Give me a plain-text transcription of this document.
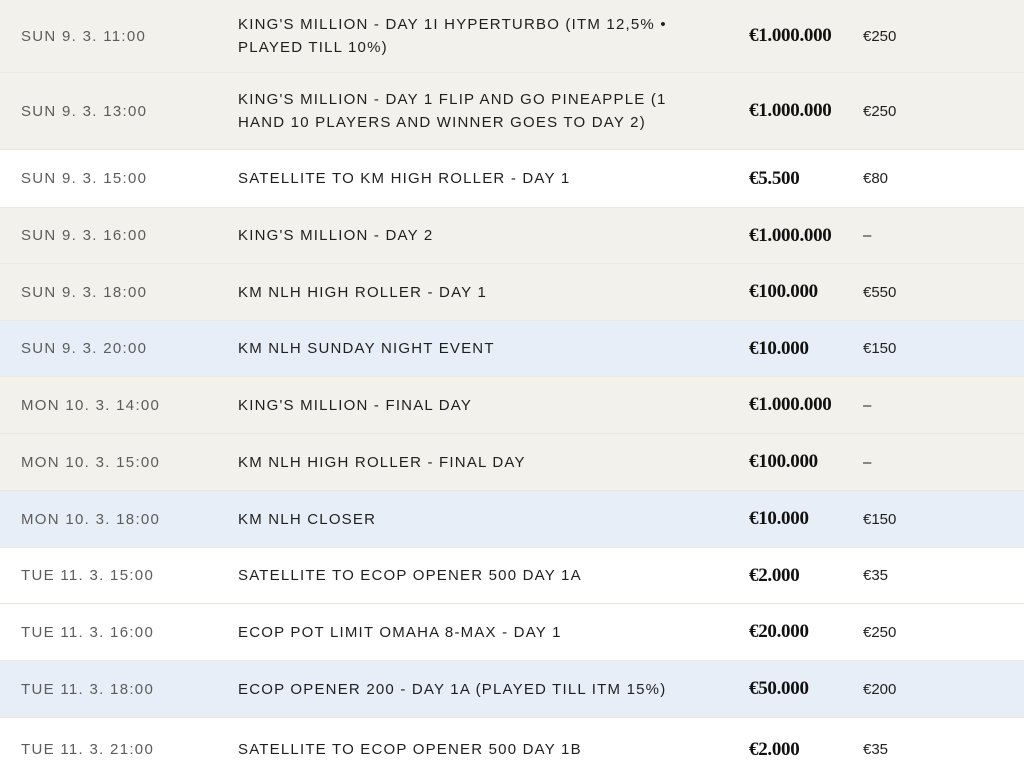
SUN 9. 3. 11:00
KING'S MILLION - DAY 1I HYPERTURBO (ITM 12,5% • PLAYED TILL 10%)
€1.000.000 €250
SUN 9. 3. 13:00
KING'S MILLION - DAY 1 FLIP AND GO PINEAPPLE (1 HAND 10 PLAYERS AND WINNER GOES TO DAY 2)
€1.000.000 €250
SUN 9. 3. 15:00	SATELLITE TO KM HIGH ROLLER - DAY 1	€5.500	€80
SUN 9. 3. 16:00	KING'S MILLION - DAY 2	€1.000.000 –
SUN 9. 3. 18:00	KM NLH HIGH ROLLER - DAY 1	€100.000	€550
SUN 9. 3. 20:00	KM NLH SUNDAY NIGHT EVENT	€10.000	€150
MON 10. 3. 14:00	KING'S MILLION - FINAL DAY	€1.000.000 –
MON 10. 3. 15:00	KM NLH HIGH ROLLER - FINAL DAY	€100.000	–
MON 10. 3. 18:00	KM NLH CLOSER	€10.000	€150
TUE 11. 3. 15:00	SATELLITE TO ECOP OPENER 500 DAY 1A	€2.000	€35
TUE 11. 3. 16:00	ECOP POT LIMIT OMAHA 8-MAX - DAY 1	€20.000	€250
TUE 11. 3. 18:00	ECOP OPENER 200 - DAY 1A (PLAYED TILL ITM 15%)	€50.000	€200
TUE 11. 3. 21:00	SATELLITE TO ECOP OPENER 500 DAY 1B	€2.000	€35
